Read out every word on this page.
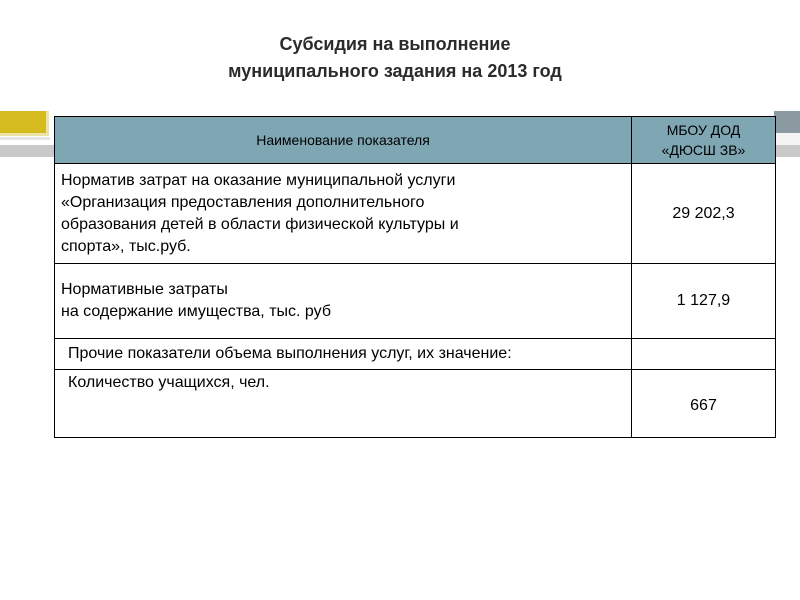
Субсидия на выполнение
муниципального задания на 2013 год
Наименование показателя	МБОУ ДОД
«ДЮСШ ЗВ»

Норматив затрат на оказание муниципальной услуги
«Организация предоставления дополнительного
образования детей в области физической культуры и
спорта», тыс.руб.	29 202,3

Нормативные затраты
на содержание имущества, тыс. руб	1 127,9

Прочие показатели объема выполнения услуг, их значение:	

Количество учащихся, чел.	667
